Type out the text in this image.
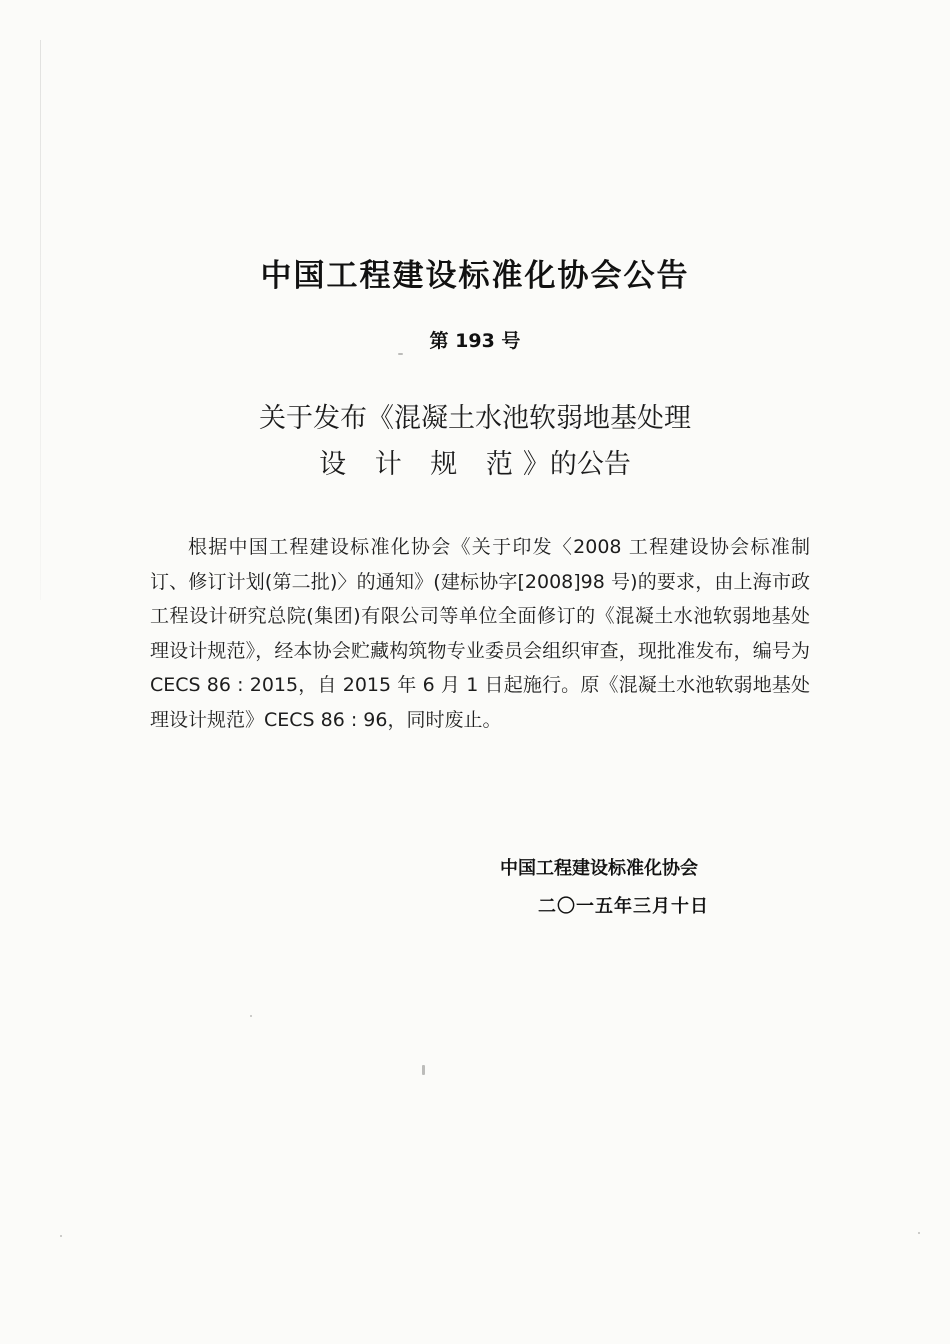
中国工程建设标准化协会公告
第 193 号
关于发布《混凝土水池软弱地基处理
设 计 规 范》的公告

根据中国工程建设标准化协会《关于印发〈2008 工程建设协会标准制订、修订计划(第二批)〉的通知》(建标协字[2008]98 号)的要求，由上海市政工程设计研究总院(集团)有限公司等单位全面修订的《混凝土水池软弱地基处理设计规范》，经本协会贮藏构筑物专业委员会组织审查，现批准发布，编号为 CECS 86 : 2015，自 2015 年 6 月 1 日起施行。原《混凝土水池软弱地基处理设计规范》CECS 86 : 96，同时废止。

中国工程建设标准化协会
二〇一五年三月十日
